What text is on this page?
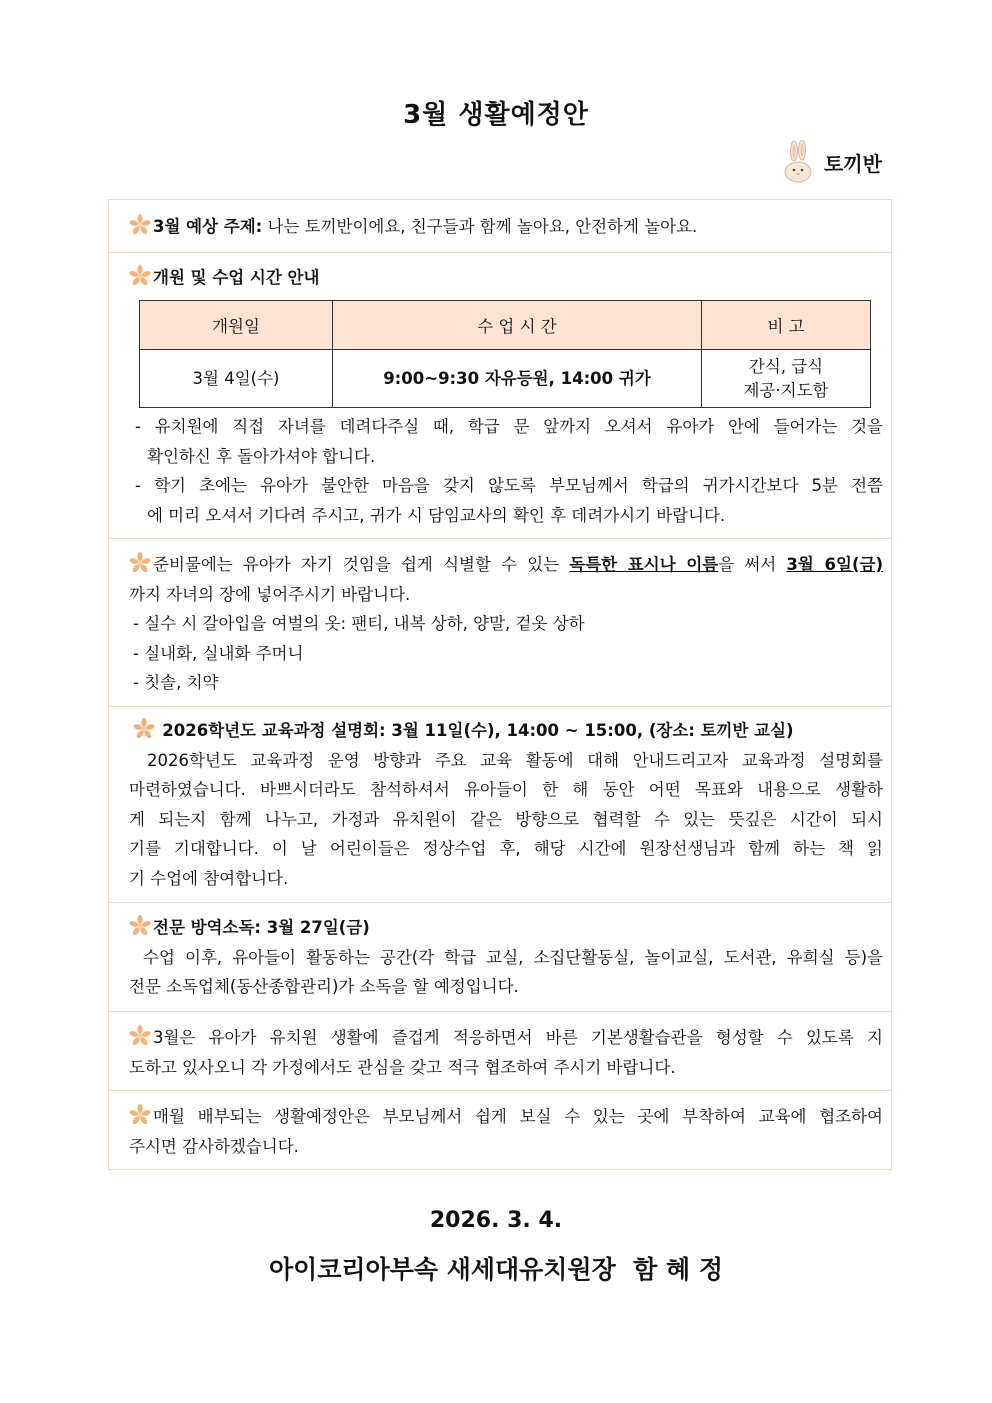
3월 생활예정안
토끼반
3월 예상 주제: 나는 토끼반이에요, 친구들과 함께 놀아요, 안전하게 놀아요.
개원 및 수업 시간 안내
개원일	수 업 시 간	비 고
3월 4일(수)	9:00~9:30 자유등원, 14:00 귀가	간식, 급식
제공·지도함
- 유치원에 직접 자녀를 데려다주실 때, 학급 문 앞까지 오셔서 유아가 안에 들어가는 것을
확인하신 후 돌아가셔야 합니다.
- 학기 초에는 유아가 불안한 마음을 갖지 않도록 부모님께서 학급의 귀가시간보다 5분 전쯤
에 미리 오셔서 기다려 주시고, 귀가 시 담임교사의 확인 후 데려가시기 바랍니다.
준비물에는 유아가 자기 것임을 쉽게 식별할 수 있는 독특한 표시나 이름을 써서 3월 6일(금)
까지 자녀의 장에 넣어주시기 바랍니다.
- 실수 시 갈아입을 여벌의 옷: 팬티, 내복 상하, 양말, 겉옷 상하
- 실내화, 실내화 주머니
- 칫솔, 치약
2026학년도 교육과정 설명회: 3월 11일(수), 14:00 ~ 15:00, (장소: 토끼반 교실)
2026학년도 교육과정 운영 방향과 주요 교육 활동에 대해 안내드리고자 교육과정 설명회를
마련하였습니다. 바쁘시더라도 참석하셔서 유아들이 한 해 동안 어떤 목표와 내용으로 생활하
게 되는지 함께 나누고, 가정과 유치원이 같은 방향으로 협력할 수 있는 뜻깊은 시간이 되시
기를 기대합니다. 이 날 어린이들은 정상수업 후, 해당 시간에 원장선생님과 함께 하는 책 읽
기 수업에 참여합니다.
전문 방역소독: 3월 27일(금)
수업 이후, 유아들이 활동하는 공간(각 학급 교실, 소집단활동실, 놀이교실, 도서관, 유희실 등)을
전문 소독업체(동산종합관리)가 소독을 할 예정입니다.
3월은 유아가 유치원 생활에 즐겁게 적응하면서 바른 기본생활습관을 형성할 수 있도록 지
도하고 있사오니 각 가정에서도 관심을 갖고 적극 협조하여 주시기 바랍니다.
매월 배부되는 생활예정안은 부모님께서 쉽게 보실 수 있는 곳에 부착하여 교육에 협조하여
주시면 감사하겠습니다.
2026. 3. 4.
아이코리아부속 새세대유치원장  함 혜 정
